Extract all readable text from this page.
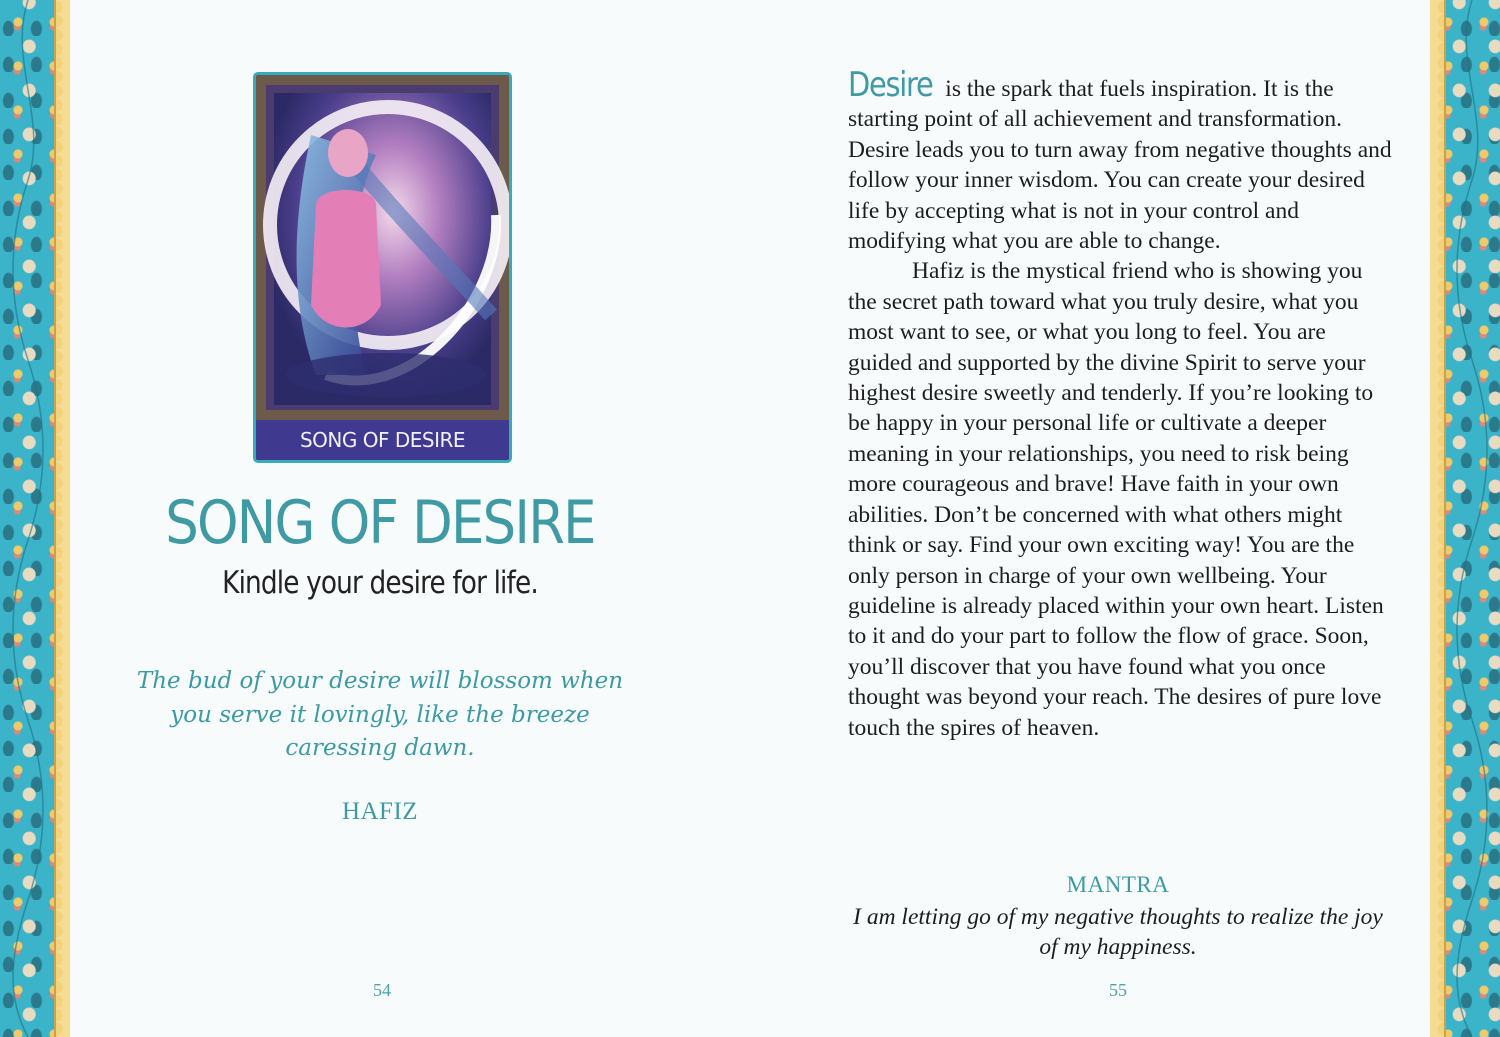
SONG OF DESIRE
SONG OF DESIRE
Kindle your desire for life.
The bud of your desire will blossom when you serve it lovingly, like the breeze caressing dawn.
HAFIZ
54

Desire is the spark that fuels inspiration. It is the starting point of all achievement and transformation. Desire leads you to turn away from negative thoughts and follow your inner wisdom. You can create your desired life by accepting what is not in your control and modifying what you are able to change.

Hafiz is the mystical friend who is showing you the secret path toward what you truly desire, what you most want to see, or what you long to feel. You are guided and supported by the divine Spirit to serve your highest desire sweetly and tenderly. If you’re looking to be happy in your personal life or cultivate a deeper meaning in your relationships, you need to risk being more courageous and brave! Have faith in your own abilities. Don’t be concerned with what others might think or say. Find your own exciting way! You are the only person in charge of your own wellbeing. Your guideline is already placed within your own heart. Listen to it and do your part to follow the flow of grace. Soon, you’ll discover that you have found what you once thought was beyond your reach. The desires of pure love touch the spires of heaven.

MANTRA
I am letting go of my negative thoughts to realize the joy of my happiness.
55
